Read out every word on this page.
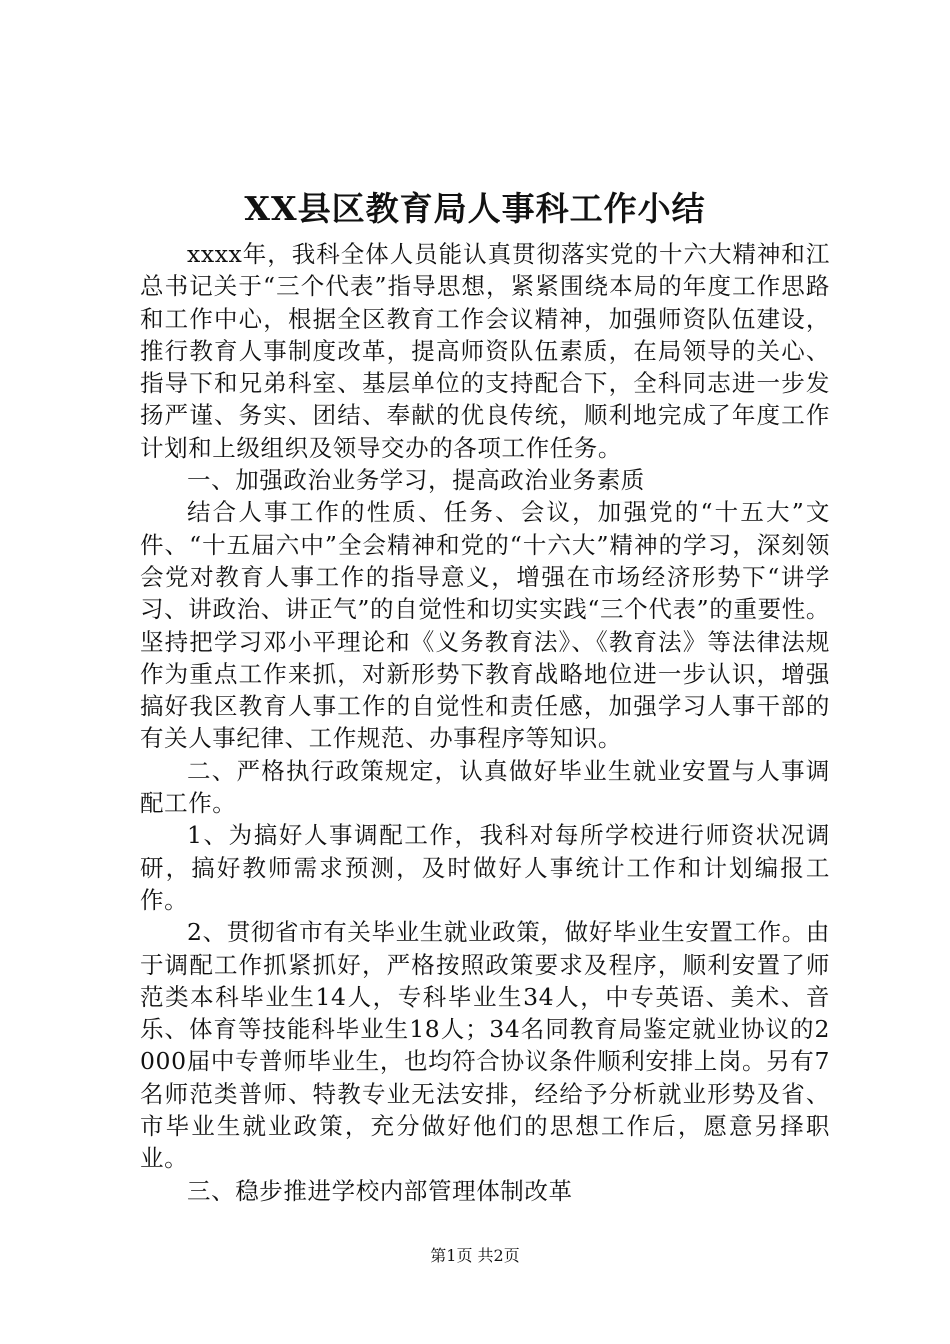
XX县区教育局人事科工作小结

xxxx年，我科全体人员能认真贯彻落实党的十六大精神和江总书记关于“三个代表”指导思想，紧紧围绕本局的年度工作思路和工作中心，根据全区教育工作会议精神，加强师资队伍建设，推行教育人事制度改革，提高师资队伍素质，在局领导的关心、指导下和兄弟科室、基层单位的支持配合下，全科同志进一步发扬严谨、务实、团结、奉献的优良传统，顺利地完成了年度工作计划和上级组织及领导交办的各项工作任务。

一、加强政治业务学习，提高政治业务素质

结合人事工作的性质、任务、会议，加强党的“十五大”文件、“十五届六中”全会精神和党的“十六大”精神的学习，深刻领会党对教育人事工作的指导意义，增强在市场经济形势下“讲学习、讲政治、讲正气”的自觉性和切实实践“三个代表”的重要性。坚持把学习邓小平理论和《义务教育法》、《教育法》等法律法规作为重点工作来抓，对新形势下教育战略地位进一步认识，增强搞好我区教育人事工作的自觉性和责任感，加强学习人事干部的有关人事纪律、工作规范、办事程序等知识。

二、严格执行政策规定，认真做好毕业生就业安置与人事调配工作。

1、为搞好人事调配工作，我科对每所学校进行师资状况调研，搞好教师需求预测，及时做好人事统计工作和计划编报工作。

2、贯彻省市有关毕业生就业政策，做好毕业生安置工作。由于调配工作抓紧抓好，严格按照政策要求及程序，顺利安置了师范类本科毕业生14人，专科毕业生34人，中专英语、美术、音乐、体育等技能科毕业生18人；34名同教育局鉴定就业协议的2000届中专普师毕业生，也均符合协议条件顺利安排上岗。另有7名师范类普师、特教专业无法安排，经给予分析就业形势及省、市毕业生就业政策，充分做好他们的思想工作后，愿意另择职业。

三、稳步推进学校内部管理体制改革

第1页 共2页
